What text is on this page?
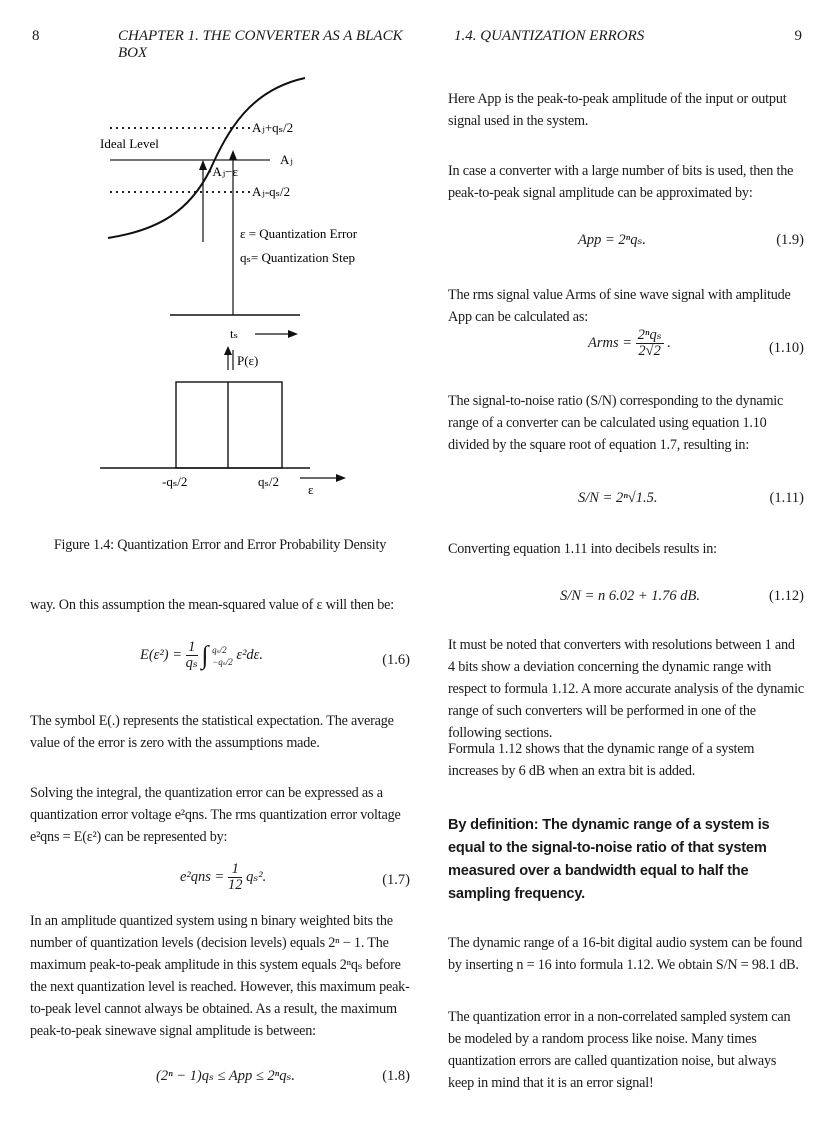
8	CHAPTER 1. THE CONVERTER AS A BLACK BOX
Ideal Level
Aⱼ+qₛ/2
Aⱼ
·Aⱼ−ε
Aⱼ-qₛ/2
ε = Quantization Error
qₛ= Quantization Step
tₛ
P(ε)
-qₛ/2	qₛ/2
ε

Figure 1.4: Quantization Error and Error Probability Density

way. On this assumption the mean-squared value of ε will then be:

$E(\varepsilon^2) = \frac{1}{\text{qₛ}}$ ∫ qₛ/2
−qₛ/2 ε²dε.	(1.6)

The symbol E(.) represents the statistical expectation. The average value of the error is zero with the assumptions made.

Solving the integral, the quantization error can be expressed as a quantization error voltage e²qns. The rms quantization error voltage e²qns = E(ε²) can be represented by:

$e^2qns = \frac{1}{12} q_s^2$.	(1.7)

In an amplitude quantized system using n binary weighted bits the number of quantization levels (decision levels) equals 2ⁿ − 1. The maximum peak-to-peak amplitude in this system equals 2ⁿqₛ before the next quantization level is reached. However, this maximum peak-to-peak level cannot always be obtained. As a result, the maximum peak-to-peak sinewave signal amplitude is between:

(2ⁿ − 1)qₛ ≤ App ≤ 2ⁿqₛ.	(1.8)
1.4. QUANTIZATION ERRORS	9

Here App is the peak-to-peak amplitude of the input or output signal used in the system.

In case a converter with a large number of bits is used, then the peak-to-peak signal amplitude can be approximated by:

App = 2ⁿqₛ.	(1.9)

The rms signal value Arms of sine wave signal with amplitude App can be calculated as:

Arms = $\frac{\text{2ⁿqₛ}}{2√2}$ .	(1.10)

The signal-to-noise ratio (S/N) corresponding to the dynamic range of a converter can be calculated using equation 1.10 divided by the square root of equation 1.7, resulting in:

S/N = 2ⁿ√1.5.	(1.11)

Converting equation 1.11 into decibels results in:

S/N = n 6.02 + 1.76 dB.	(1.12)

It must be noted that converters with resolutions between 1 and 4 bits show a deviation concerning the dynamic range with respect to formula 1.12. A more accurate analysis of the dynamic range of such converters will be performed in one of the following sections.

Formula 1.12 shows that the dynamic range of a system increases by 6 dB when an extra bit is added.

By definition: The dynamic range of a system is equal to the signal-to-noise ratio of that system measured over a bandwidth equal to half the sampling frequency.

The dynamic range of a 16-bit digital audio system can be found by inserting n = 16 into formula 1.12. We obtain S/N = 98.1 dB.

The quantization error in a non-correlated sampled system can be modeled by a random process like noise. Many times quantization errors are called quantization noise, but always keep in mind that it is an error signal!
